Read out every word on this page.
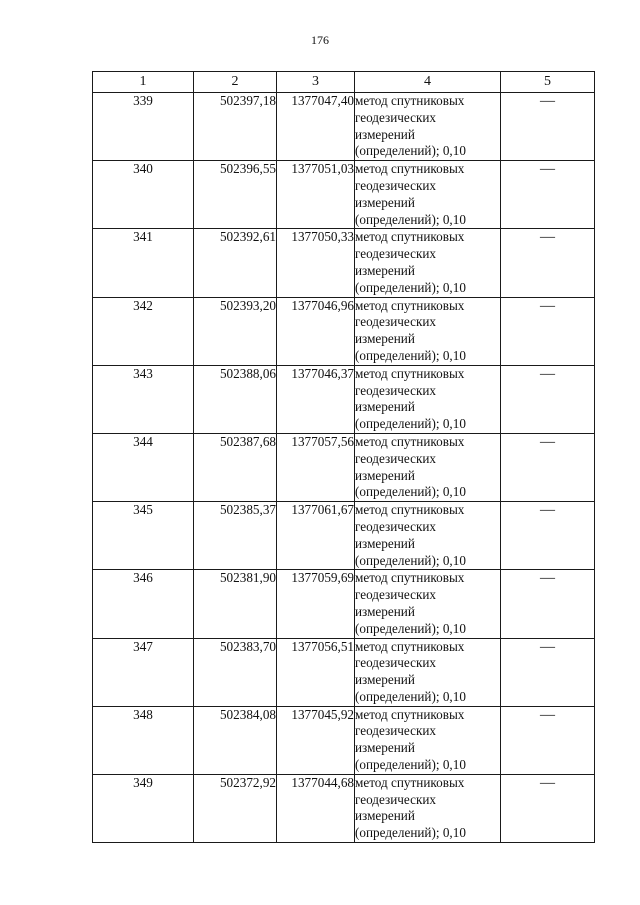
176
1	2	3	4	5
339	502397,18	1377047,40	метод спутниковых
геодезических
измерений
(определений); 0,10	—
340	502396,55	1377051,03	метод спутниковых
геодезических
измерений
(определений); 0,10	—
341	502392,61	1377050,33	метод спутниковых
геодезических
измерений
(определений); 0,10	—
342	502393,20	1377046,96	метод спутниковых
геодезических
измерений
(определений); 0,10	—
343	502388,06	1377046,37	метод спутниковых
геодезических
измерений
(определений); 0,10	—
344	502387,68	1377057,56	метод спутниковых
геодезических
измерений
(определений); 0,10	—
345	502385,37	1377061,67	метод спутниковых
геодезических
измерений
(определений); 0,10	—
346	502381,90	1377059,69	метод спутниковых
геодезических
измерений
(определений); 0,10	—
347	502383,70	1377056,51	метод спутниковых
геодезических
измерений
(определений); 0,10	—
348	502384,08	1377045,92	метод спутниковых
геодезических
измерений
(определений); 0,10	—
349	502372,92	1377044,68	метод спутниковых
геодезических
измерений
(определений); 0,10	—
